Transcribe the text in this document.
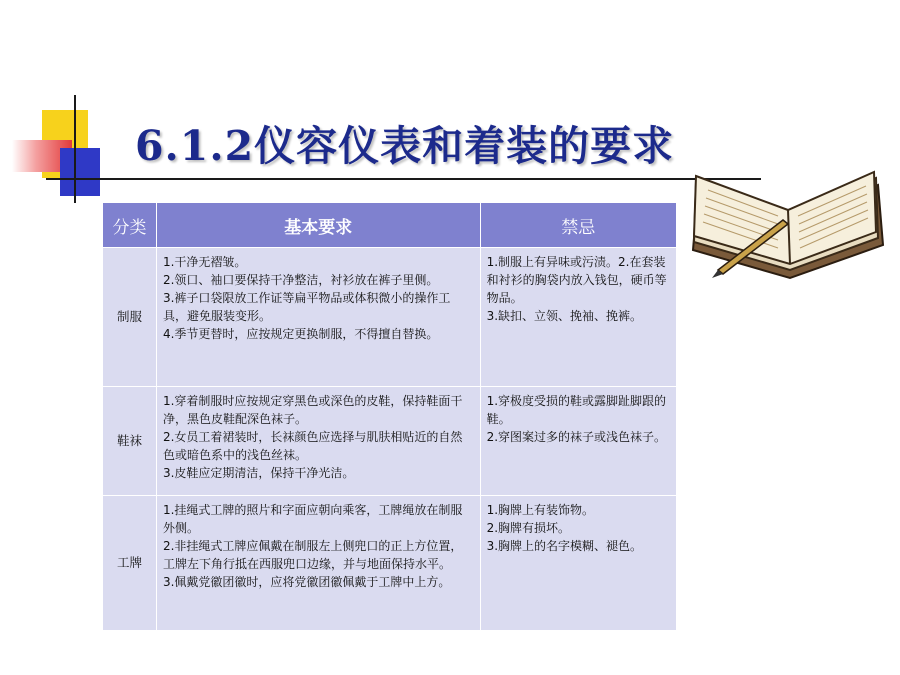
6.1.2仪容仪表和着装的要求
分类	基本要求	禁忌
制服	1.干净无褶皱。
2.领口、袖口要保持干净整洁，衬衫放在裤子里侧。
3.裤子口袋限放工作证等扁平物品或体积微小的操作工具，避免服装变形。
4.季节更替时，应按规定更换制服，不得擅自替换。	1.制服上有异味或污渍。2.在套装和衬衫的胸袋内放入钱包，硬币等物品。
3.缺扣、立领、挽袖、挽裤。

鞋袜	1.穿着制服时应按规定穿黑色或深色的皮鞋，保持鞋面干净，黑色皮鞋配深色袜子。
2.女员工着裙装时，长袜颜色应选择与肌肤相贴近的自然色或暗色系中的浅色丝袜。
3.皮鞋应定期清洁，保持干净光洁。	1.穿极度受损的鞋或露脚趾脚跟的鞋。
2.穿图案过多的袜子或浅色袜子。

工牌	1.挂绳式工牌的照片和字面应朝向乘客，工牌绳放在制服外侧。
2.非挂绳式工牌应佩戴在制服左上侧兜口的正上方位置，工牌左下角行抵在西服兜口边缘，并与地面保持水平。
3.佩戴党徽团徽时，应将党徽团徽佩戴于工牌中上方。	1.胸牌上有装饰物。
2.胸牌有损坏。
3.胸牌上的名字模糊、褪色。
